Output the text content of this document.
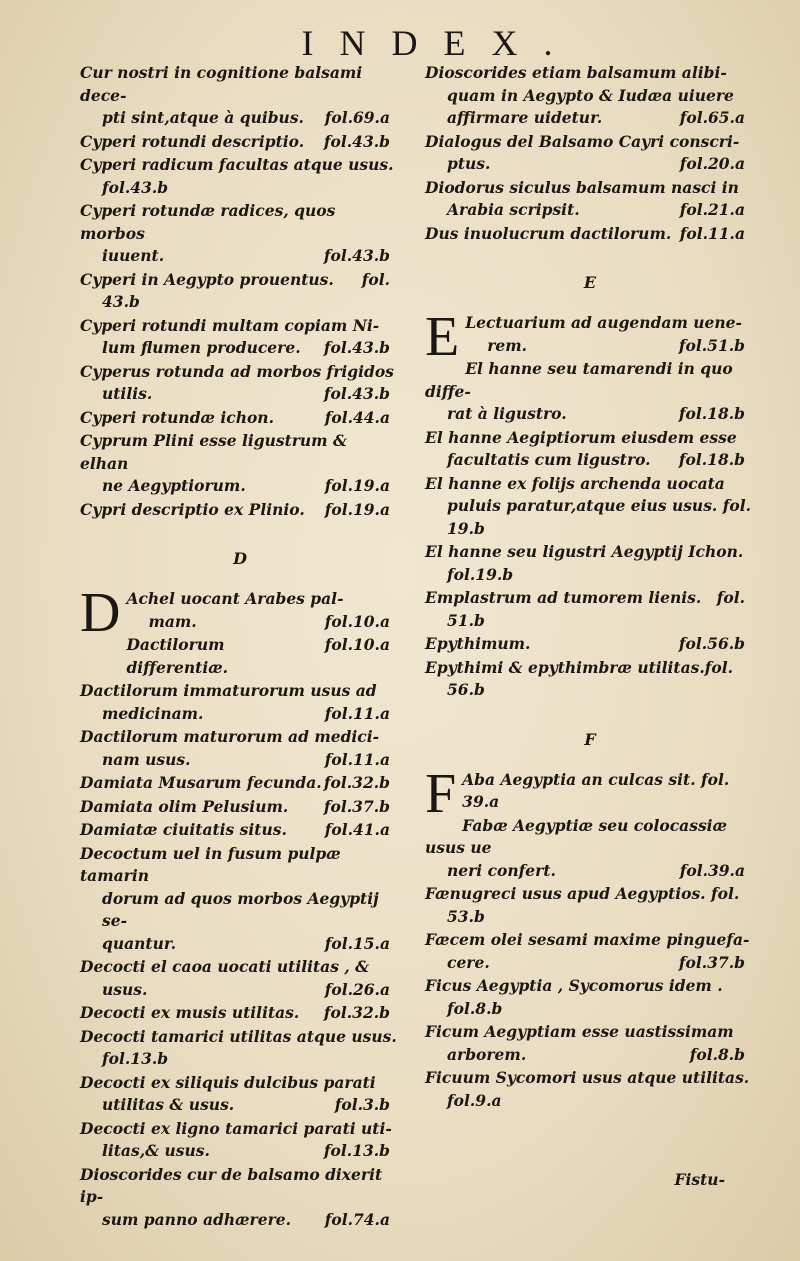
INDEX.
Cur nostri in cognitione balsami dece-
pti sint,atque à quibus. fol.69.a
Cyperi rotundi descriptio. fol.43.b
Cyperi radicum facultas atque usus.
fol.43.b
Cyperi rotundæ radices, quos morbos
iuuent.	fol.43.b
Cyperi in Aegypto prouentus. fol.
43.b
Cyperi rotundi multam copiam Ni-
lum flumen producere. fol.43.b
Cyperus rotunda ad morbos frigidos
utilis.	fol.43.b
Cyperi rotundæ ichon.	fol.44.a
Cyprum Plini esse ligustrum & elhan
ne Aegyptiorum.	fol.19.a
Cypri descriptio ex Plinio. fol.19.a
D
D Achel uocant Arabes pal-
mam.	fol.10.a
Dactilorum differentiæ.
fol.10.a
Dactilorum immaturorum usus ad
medicinam.	fol.11.a
Dactilorum maturorum ad medici-
nam usus.	fol.11.a
Damiata Musarum fecunda. fol.32.b
Damiata olim Pelusium. fol.37.b
Damiatæ ciuitatis situs. fol.41.a
Decoctum uel in fusum pulpæ tamarin
dorum ad quos morbos Aegyptij se-
quantur.	fol.15.a
Decocti el caoa uocati utilitas , &
usus.	fol.26.a
Decocti ex musis utilitas. fol.32.b
Decocti tamarici utilitas atque usus.
fol.13.b
Decocti ex siliquis dulcibus parati
utilitas & usus.	fol.3.b
Decocti ex ligno tamarici parati uti-
litas,& usus.	fol.13.b
Dioscorides cur de balsamo dixerit ip-
sum panno adhærere. fol.74.a
Dioscorides etiam balsamum alibi-
quam in Aegypto & Iudæa uiuere
affirmare uidetur.	fol.65.a
Dialogus del Balsamo Cayri conscri-
ptus.	fol.20.a
Diodorus siculus balsamum nasci in
Arabia scripsit.	fol.21.a
Dus inuolucrum dactilorum. fol.11.a
E
E Lectuarium ad augendam uene-
rem.	fol.51.b
El hanne seu tamarendi in quo diffe-
rat à ligustro.	fol.18.b
El hanne Aegiptiorum eiusdem esse
facultatis cum ligustro. fol.18.b
El hanne ex folijs archenda uocata
puluis paratur,atque eius usus. fol.
19.b
El hanne seu ligustri Aegyptij Ichon.
fol.19.b
Emplastrum ad tumorem lienis. fol.
51.b
Epythimum.	fol.56.b
Epythimi & epythimbræ utilitas.fol.
56.b
F
F Aba Aegyptia an culcas sit. fol.
39.a
Fabæ Aegyptiæ seu colocassiæ usus ue
neri confert.	fol.39.a
Fænugreci usus apud Aegyptios. fol.
53.b
Fæcem olei sesami maxime pinguefa-
cere.	fol.37.b
Ficus Aegyptia , Sycomorus idem .
fol.8.b
Ficum Aegyptiam esse uastissimam
arborem.	fol.8.b
Ficuum Sycomori usus atque utilitas.
fol.9.a
Fistu-
